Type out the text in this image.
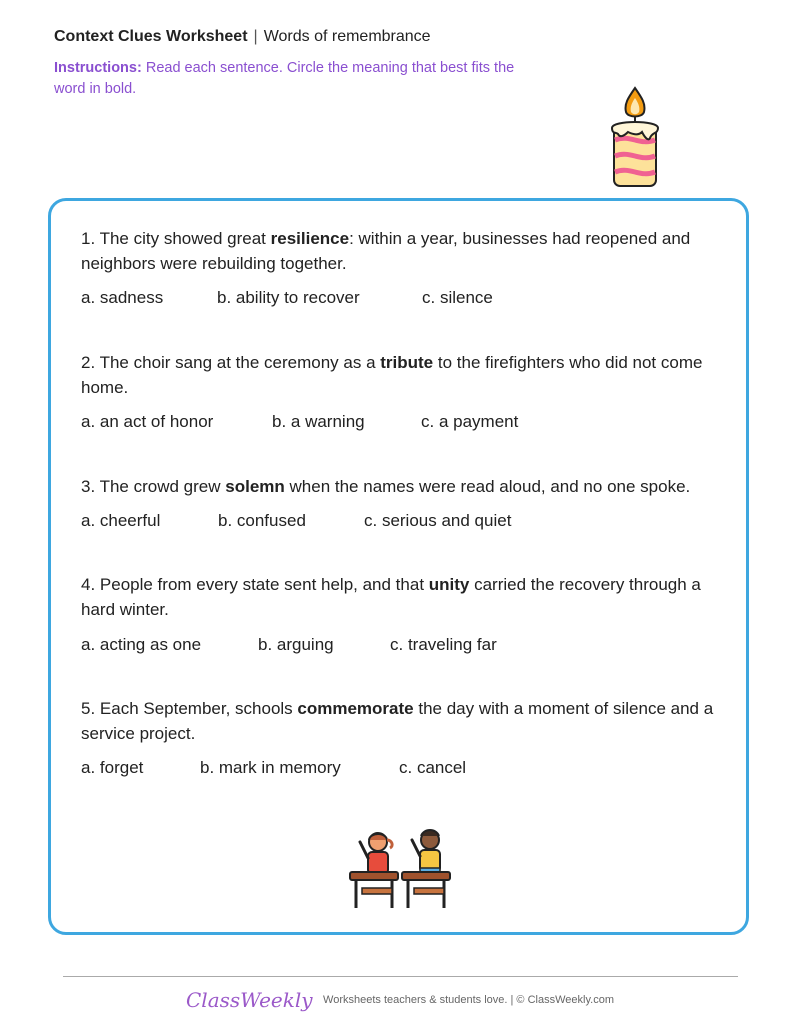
Context Clues Worksheet | Words of remembrance
Instructions: Read each sentence. Circle the meaning that best fits the word in bold.
1. The city showed great resilience: within a year, businesses had reopened and neighbors were rebuilding together.
a. sadness	b. ability to recover	c. silence
2. The choir sang at the ceremony as a tribute to the firefighters who did not come home.
a. an act of honor	b. a warning	c. a payment
3. The crowd grew solemn when the names were read aloud, and no one spoke.
a. cheerful	b. confused	c. serious and quiet
4. People from every state sent help, and that unity carried the recovery through a hard winter.
a. acting as one	b. arguing	c. traveling far
5. Each September, schools commemorate the day with a moment of silence and a service project.
a. forget	b. mark in memory	c. cancel
ClassWeekly Worksheets teachers & students love. | © ClassWeekly.com
